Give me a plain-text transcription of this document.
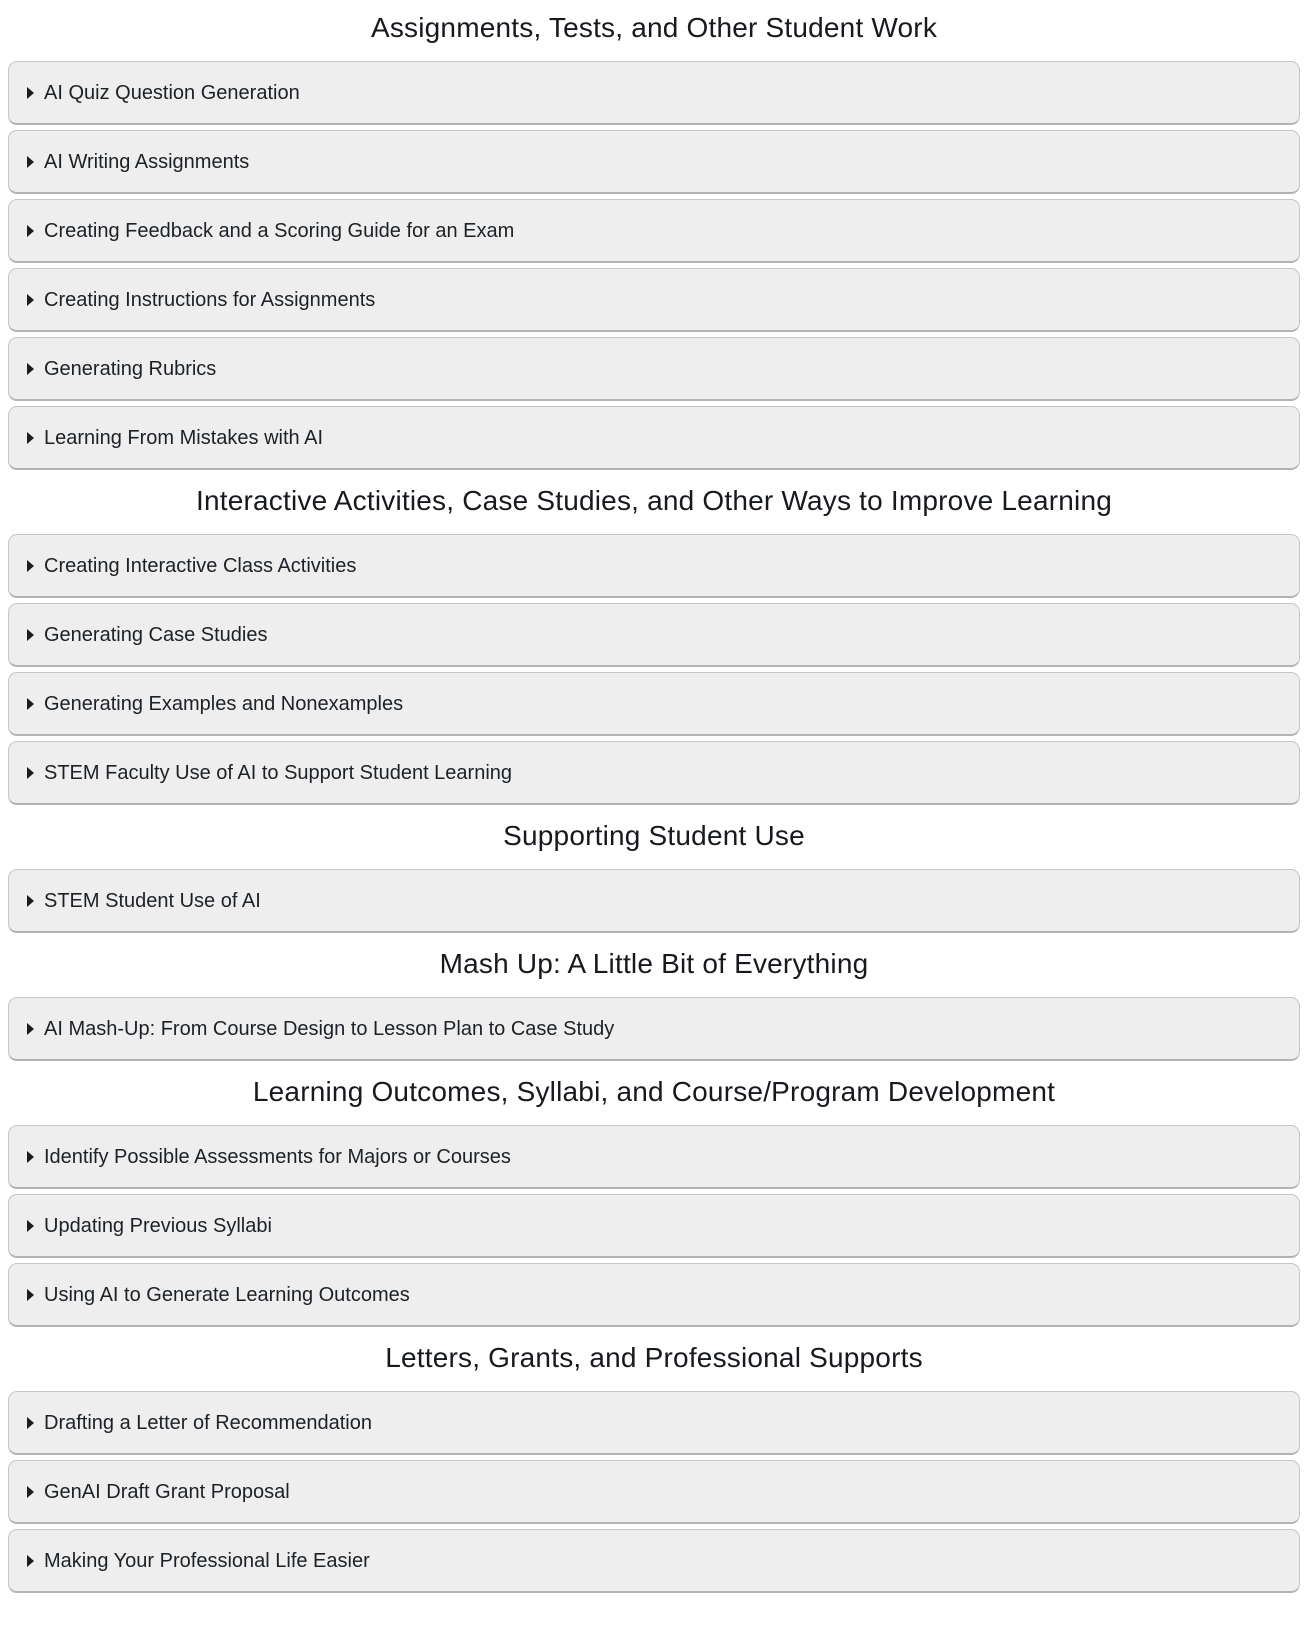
Assignments, Tests, and Other Student Work
AI Quiz Question Generation
AI Writing Assignments
Creating Feedback and a Scoring Guide for an Exam
Creating Instructions for Assignments
Generating Rubrics
Learning From Mistakes with AI
Interactive Activities, Case Studies, and Other Ways to Improve Learning
Creating Interactive Class Activities
Generating Case Studies
Generating Examples and Nonexamples
STEM Faculty Use of AI to Support Student Learning
Supporting Student Use
STEM Student Use of AI
Mash Up: A Little Bit of Everything
AI Mash-Up: From Course Design to Lesson Plan to Case Study
Learning Outcomes, Syllabi, and Course/Program Development
Identify Possible Assessments for Majors or Courses
Updating Previous Syllabi
Using AI to Generate Learning Outcomes
Letters, Grants, and Professional Supports
Drafting a Letter of Recommendation
GenAI Draft Grant Proposal
Making Your Professional Life Easier
